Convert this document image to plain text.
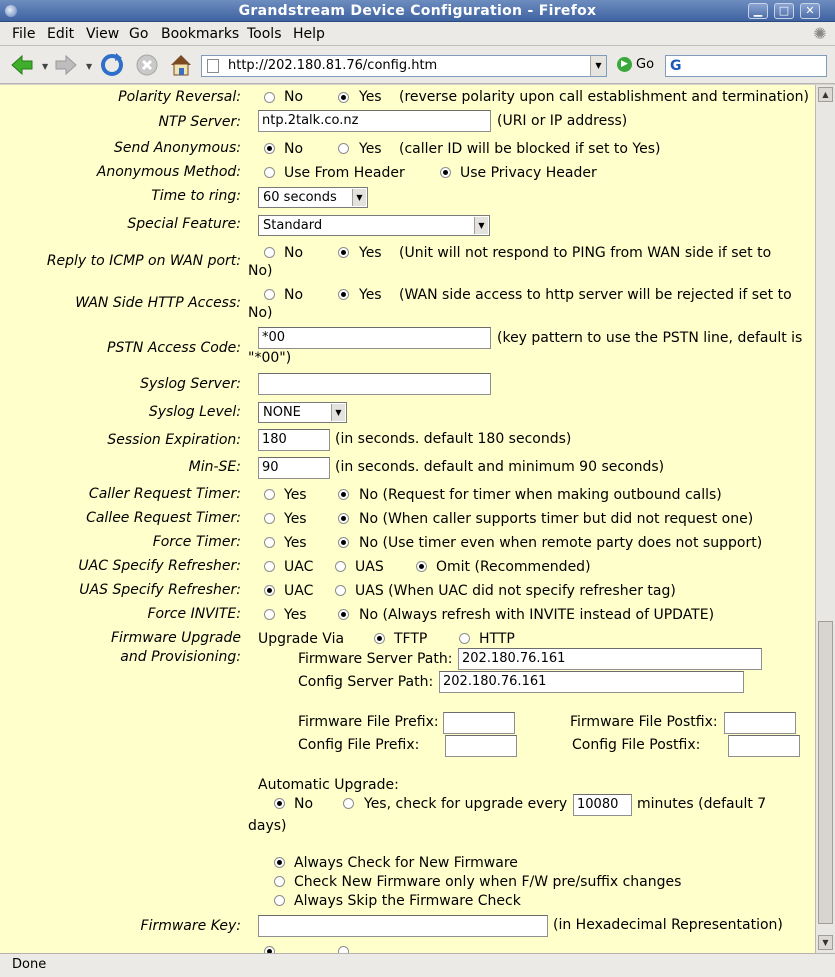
Grandstream Device Configuration - Firefox	▁	□	✕
File Edit View Go Bookmarks Tools Help	✺
▼	▼	http://202.180.81.76/config.htm	▼	▶ Go G
Polarity Reversal:	No	Yes (reverse polarity upon call establishment and termination)
NTP Server:	ntp.2talk.co.nz	(URI or IP address)
Send Anonymous:	No	Yes (caller ID will be blocked if set to Yes)
Anonymous Method:	Use From Header	Use Privacy Header
Time to ring:	60 seconds	▼
Special Feature:	Standard	▼
Reply to ICMP on WAN port:	No	Yes (Unit will not respond to PING from WAN side if set to
No)
WAN Side HTTP Access:	No	Yes (WAN side access to http server will be rejected if set to
No)
PSTN Access Code:
*00	(key pattern to use the PSTN line, default is
"*00")
Syslog Server:
Syslog Level:	NONE	▼
Session Expiration:	180	(in seconds. default 180 seconds)
Min-SE:	90	(in seconds. default and minimum 90 seconds)
Caller Request Timer:	Yes	No (Request for timer when making outbound calls)
Callee Request Timer:	Yes	No (When caller supports timer but did not request one)
Force Timer:	Yes	No (Use timer even when remote party does not support)
UAC Specify Refresher:	UAC	UAS	Omit (Recommended)
UAS Specify Refresher:	UAC	UAS (When UAC did not specify refresher tag)
Force INVITE:	Yes	No (Always refresh with INVITE instead of UPDATE)
Firmware Upgrade
and Provisioning:
Upgrade Via	TFTP	HTTP
Firmware Server Path: 202.180.76.161
Config Server Path: 202.180.76.161
Firmware File Prefix:	Firmware File Postfix:
Config File Prefix:	Config File Postfix:
Automatic Upgrade:
No	Yes, check for upgrade every 10080	minutes (default 7
days)
Always Check for New Firmware
Check New Firmware only when F/W pre/suffix changes
Always Skip the Firmware Check
Firmware Key:	(in Hexadecimal Representation)
▲
▼
Done
